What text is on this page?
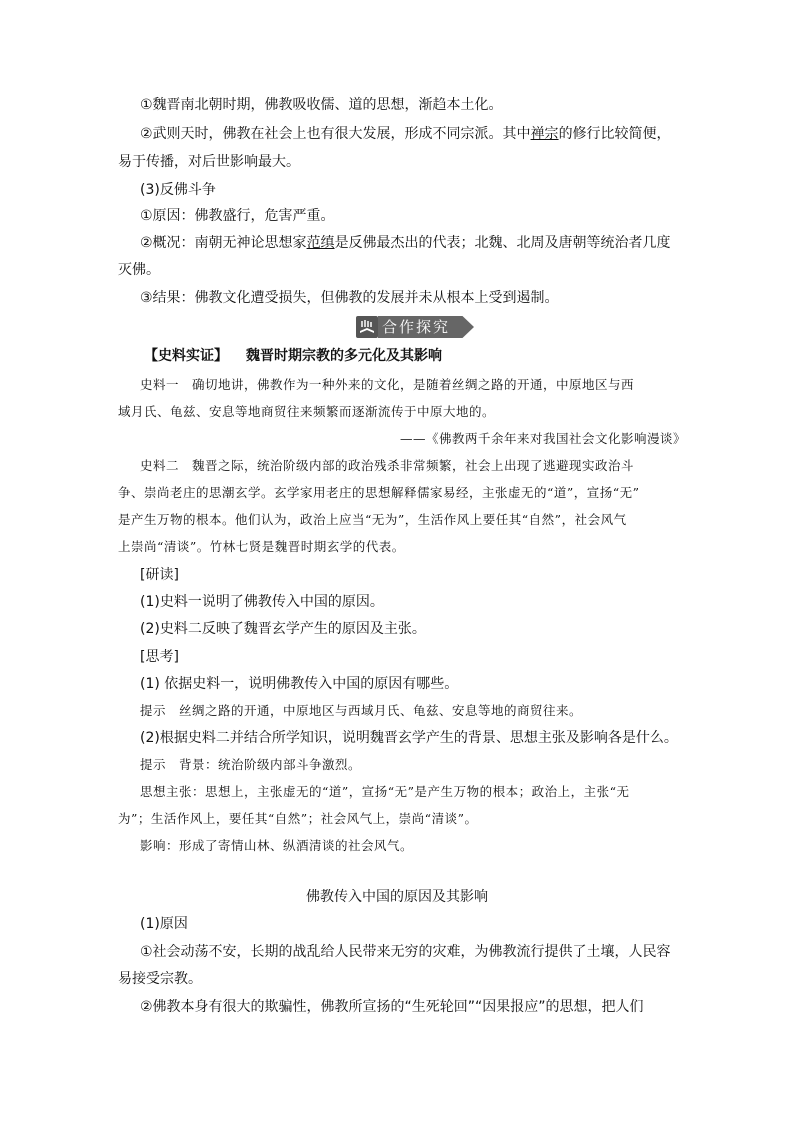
①魏晋南北朝时期，佛教吸收儒、道的思想，渐趋本土化。
②武则天时，佛教在社会上也有很大发展，形成不同宗派。其中禅宗的修行比较简便，
易于传播，对后世影响最大。
(3)反佛斗争
①原因：佛教盛行，危害严重。
②概况：南朝无神论思想家范缜是反佛最杰出的代表；北魏、北周及唐朝等统治者几度
灭佛。
③结果：佛教文化遭受损失，但佛教的发展并未从根本上受到遏制。
合作探究
【史料实证】 魏晋时期宗教的多元化及其影响
史料一　确切地讲，佛教作为一种外来的文化，是随着丝绸之路的开通，中原地区与西
域月氏、龟兹、安息等地商贸往来频繁而逐渐流传于中原大地的。
——《佛教两千余年来对我国社会文化影响漫谈》
史料二　魏晋之际，统治阶级内部的政治残杀非常频繁，社会上出现了逃避现实政治斗
争、崇尚老庄的思潮玄学。玄学家用老庄的思想解释儒家易经，主张虚无的“道”，宣扬“无”
是产生万物的根本。他们认为，政治上应当“无为”，生活作风上要任其“自然”，社会风气
上崇尚“清谈”。竹林七贤是魏晋时期玄学的代表。
[研读]
(1)史料一说明了佛教传入中国的原因。
(2)史料二反映了魏晋玄学产生的原因及主张。
[思考]
(1) 依据史料一，说明佛教传入中国的原因有哪些。
提示　丝绸之路的开通，中原地区与西域月氏、龟兹、安息等地的商贸往来。
(2)根据史料二并结合所学知识，说明魏晋玄学产生的背景、思想主张及影响各是什么。
提示　背景：统治阶级内部斗争激烈。
思想主张：思想上，主张虚无的“道”，宣扬“无”是产生万物的根本；政治上，主张“无
为”；生活作风上，要任其“自然”；社会风气上，崇尚“清谈”。
影响：形成了寄情山林、纵酒清谈的社会风气。
佛教传入中国的原因及其影响
(1)原因
①社会动荡不安，长期的战乱给人民带来无穷的灾难，为佛教流行提供了土壤，人民容
易接受宗教。
②佛教本身有很大的欺骗性，佛教所宣扬的“生死轮回”“因果报应”的思想，把人们
